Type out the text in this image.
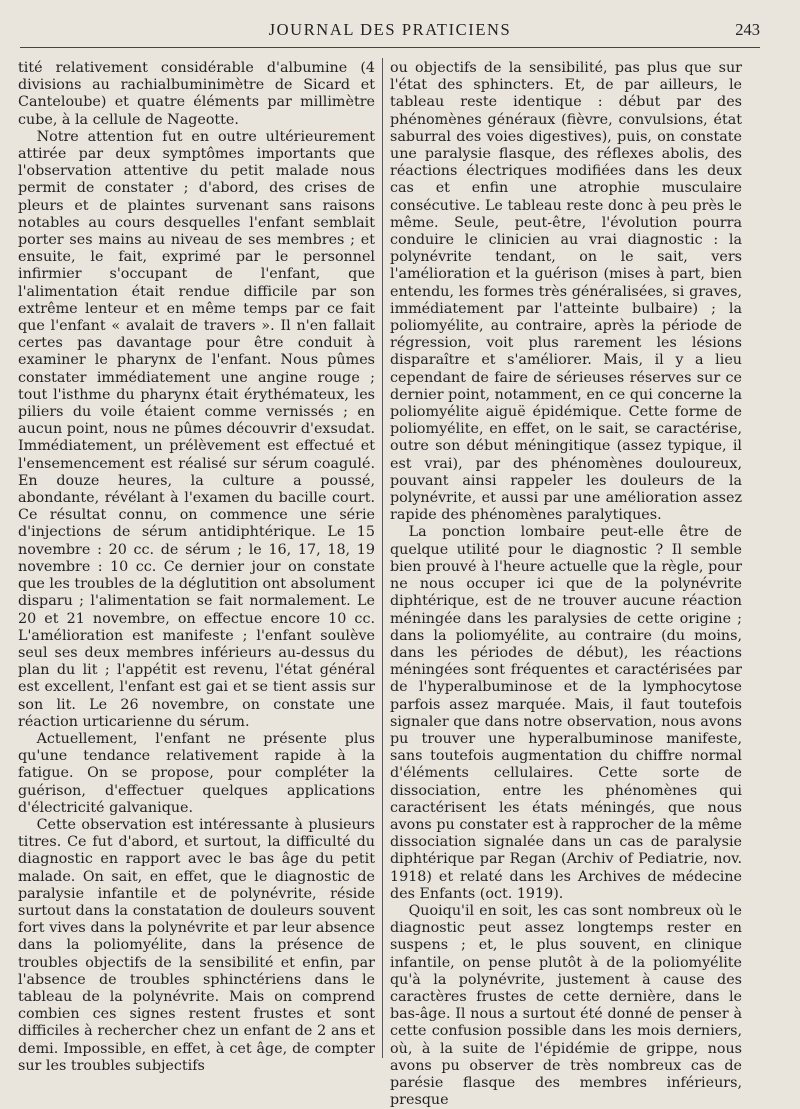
JOURNAL DES PRATICIENS	243

tité relativement considérable d'albumine (4 divisions au rachialbuminimètre de Sicard et Canteloube) et quatre éléments par millimètre cube, à la cellule de Nageotte.

Notre attention fut en outre ultérieurement attirée par deux symptômes importants que l'observation attentive du petit malade nous permit de constater ; d'abord, des crises de pleurs et de plaintes survenant sans raisons notables au cours desquelles l'enfant semblait porter ses mains au niveau de ses membres ; et ensuite, le fait, exprimé par le personnel infirmier s'occupant de l'enfant, que l'alimentation était rendue difficile par son extrême lenteur et en même temps par ce fait que l'enfant « avalait de travers ». Il n'en fallait certes pas davantage pour être conduit à examiner le pharynx de l'enfant. Nous pûmes constater immédiatement une angine rouge ; tout l'isthme du pharynx était érythémateux, les piliers du voile étaient comme vernissés ; en aucun point, nous ne pûmes découvrir d'exsudat. Immédiatement, un prélèvement est effectué et l'ensemencement est réalisé sur sérum coagulé. En douze heures, la culture a poussé, abondante, révélant à l'examen du bacille court. Ce résultat connu, on commence une série d'injections de sérum antidiphtérique. Le 15 novembre : 20 cc. de sérum ; le 16, 17, 18, 19 novembre : 10 cc. Ce dernier jour on constate que les troubles de la déglutition ont absolument disparu ; l'alimentation se fait normalement. Le 20 et 21 novembre, on effectue encore 10 cc. L'amélioration est manifeste ; l'enfant soulève seul ses deux membres inférieurs au-dessus du plan du lit ; l'appétit est revenu, l'état général est excellent, l'enfant est gai et se tient assis sur son lit. Le 26 novembre, on constate une réaction urticarienne du sérum.

Actuellement, l'enfant ne présente plus qu'une tendance relativement rapide à la fatigue. On se propose, pour compléter la guérison, d'effectuer quelques applications d'électricité galvanique.

Cette observation est intéressante à plusieurs titres. Ce fut d'abord, et surtout, la difficulté du diagnostic en rapport avec le bas âge du petit malade. On sait, en effet, que le diagnostic de paralysie infantile et de polynévrite, réside surtout dans la constatation de douleurs souvent fort vives dans la polynévrite et par leur absence dans la poliomyélite, dans la présence de troubles objectifs de la sensibilité et enfin, par l'absence de troubles sphinctériens dans le tableau de la polynévrite. Mais on comprend combien ces signes restent frustes et sont difficiles à rechercher chez un enfant de 2 ans et demi. Impossible, en effet, à cet âge, de compter sur les troubles subjectifs

ou objectifs de la sensibilité, pas plus que sur l'état des sphincters. Et, de par ailleurs, le tableau reste identique : début par des phénomènes généraux (fièvre, convulsions, état saburral des voies digestives), puis, on constate une paralysie flasque, des réflexes abolis, des réactions électriques modifiées dans les deux cas et enfin une atrophie musculaire consécutive. Le tableau reste donc à peu près le même. Seule, peut-être, l'évolution pourra conduire le clinicien au vrai diagnostic : la polynévrite tendant, on le sait, vers l'amélioration et la guérison (mises à part, bien entendu, les formes très généralisées, si graves, immédiatement par l'atteinte bulbaire) ; la poliomyélite, au contraire, après la période de régression, voit plus rarement les lésions disparaître et s'améliorer. Mais, il y a lieu cependant de faire de sérieuses réserves sur ce dernier point, notamment, en ce qui concerne la poliomyélite aiguë épidémique. Cette forme de poliomyélite, en effet, on le sait, se caractérise, outre son début méningitique (assez typique, il est vrai), par des phénomènes douloureux, pouvant ainsi rappeler les douleurs de la polynévrite, et aussi par une amélioration assez rapide des phénomènes paralytiques.

La ponction lombaire peut-elle être de quelque utilité pour le diagnostic ? Il semble bien prouvé à l'heure actuelle que la règle, pour ne nous occuper ici que de la polynévrite diphtérique, est de ne trouver aucune réaction méningée dans les paralysies de cette origine ; dans la poliomyélite, au contraire (du moins, dans les périodes de début), les réactions méningées sont fréquentes et caractérisées par de l'hyperalbuminose et de la lymphocytose parfois assez marquée. Mais, il faut toutefois signaler que dans notre observation, nous avons pu trouver une hyperalbuminose manifeste, sans toutefois augmentation du chiffre normal d'éléments cellulaires. Cette sorte de dissociation, entre les phénomènes qui caractérisent les états méningés, que nous avons pu constater est à rapprocher de la même dissociation signalée dans un cas de paralysie diphtérique par Regan (Archiv of Pediatrie, nov. 1918) et relaté dans les Archives de médecine des Enfants (oct. 1919).

Quoiqu'il en soit, les cas sont nombreux où le diagnostic peut assez longtemps rester en suspens ; et, le plus souvent, en clinique infantile, on pense plutôt à de la poliomyélite qu'à la polynévrite, justement à cause des caractères frustes de cette dernière, dans le bas-âge. Il nous a surtout été donné de penser à cette confusion possible dans les mois derniers, où, à la suite de l'épidémie de grippe, nous avons pu observer de très nombreux cas de parésie flasque des membres inférieurs, presque
